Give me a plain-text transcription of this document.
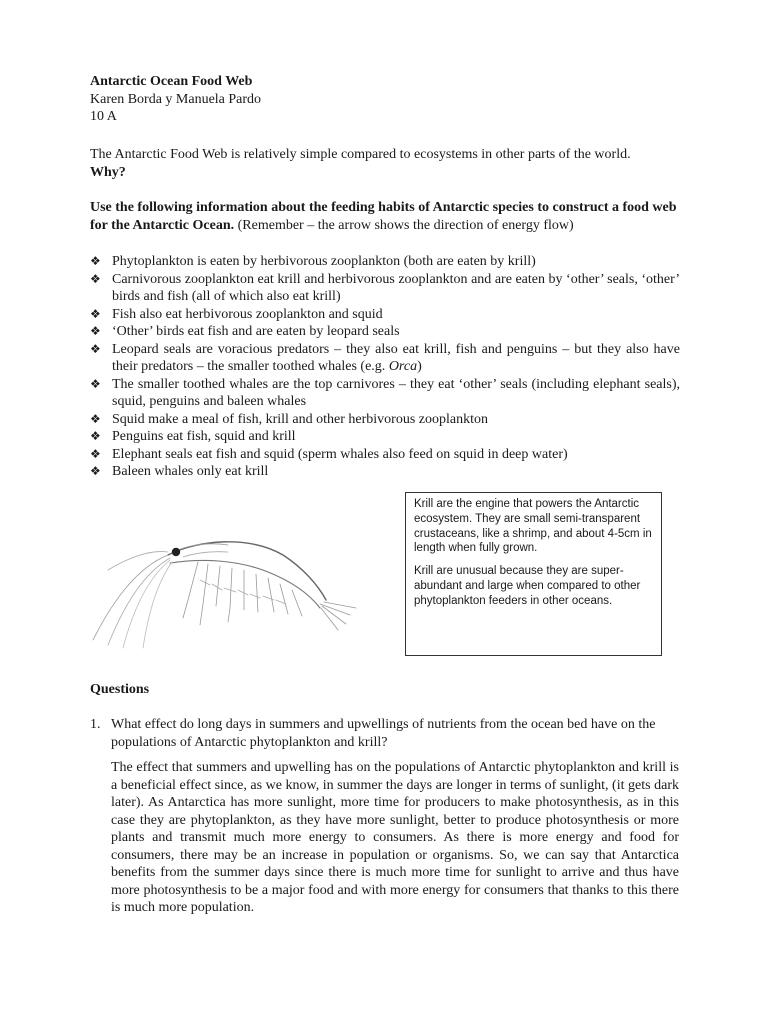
Antarctic Ocean Food Web
Karen Borda y Manuela Pardo
10 A
The Antarctic Food Web is relatively simple compared to ecosystems in other parts of the world.
Why?
Use the following information about the feeding habits of Antarctic species to construct a food web for the Antarctic Ocean. (Remember – the arrow shows the direction of energy flow)
❖ Phytoplankton is eaten by herbivorous zooplankton (both are eaten by krill)
❖ Carnivorous zooplankton eat krill and herbivorous zooplankton and are eaten by ‘other’ seals, ‘other’ birds and fish (all of which also eat krill)
❖ Fish also eat herbivorous zooplankton and squid
❖ ‘Other’ birds eat fish and are eaten by leopard seals
❖ Leopard seals are voracious predators – they also eat krill, fish and penguins – but they also have their predators – the smaller toothed whales (e.g. Orca)
❖ The smaller toothed whales are the top carnivores – they eat ‘other’ seals (including elephant seals), squid, penguins and baleen whales
❖ Squid make a meal of fish, krill and other herbivorous zooplankton
❖ Penguins eat fish, squid and krill
❖ Elephant seals eat fish and squid (sperm whales also feed on squid in deep water)
❖ Baleen whales only eat krill

Krill are the engine that powers the Antarctic ecosystem. They are small semi-transparent crustaceans, like a shrimp, and about 4-5cm in length when fully grown.

Krill are unusual because they are super-abundant and large when compared to other phytoplankton feeders in other oceans.

Questions
1. What effect do long days in summers and upwellings of nutrients from the ocean bed have on the populations of Antarctic phytoplankton and krill?
The effect that summers and upwelling has on the populations of Antarctic phytoplankton and krill is a beneficial effect since, as we know, in summer the days are longer in terms of sunlight, (it gets dark later). As Antarctica has more sunlight, more time for producers to make photosynthesis, as in this case they are phytoplankton, as they have more sunlight, better to produce photosynthesis or more plants and transmit much more energy to consumers. As there is more energy and food for consumers, there may be an increase in population or organisms. So, we can say that Antarctica benefits from the summer days since there is much more time for sunlight to arrive and thus have more photosynthesis to be a major food and with more energy for consumers that thanks to this there is much more population.
